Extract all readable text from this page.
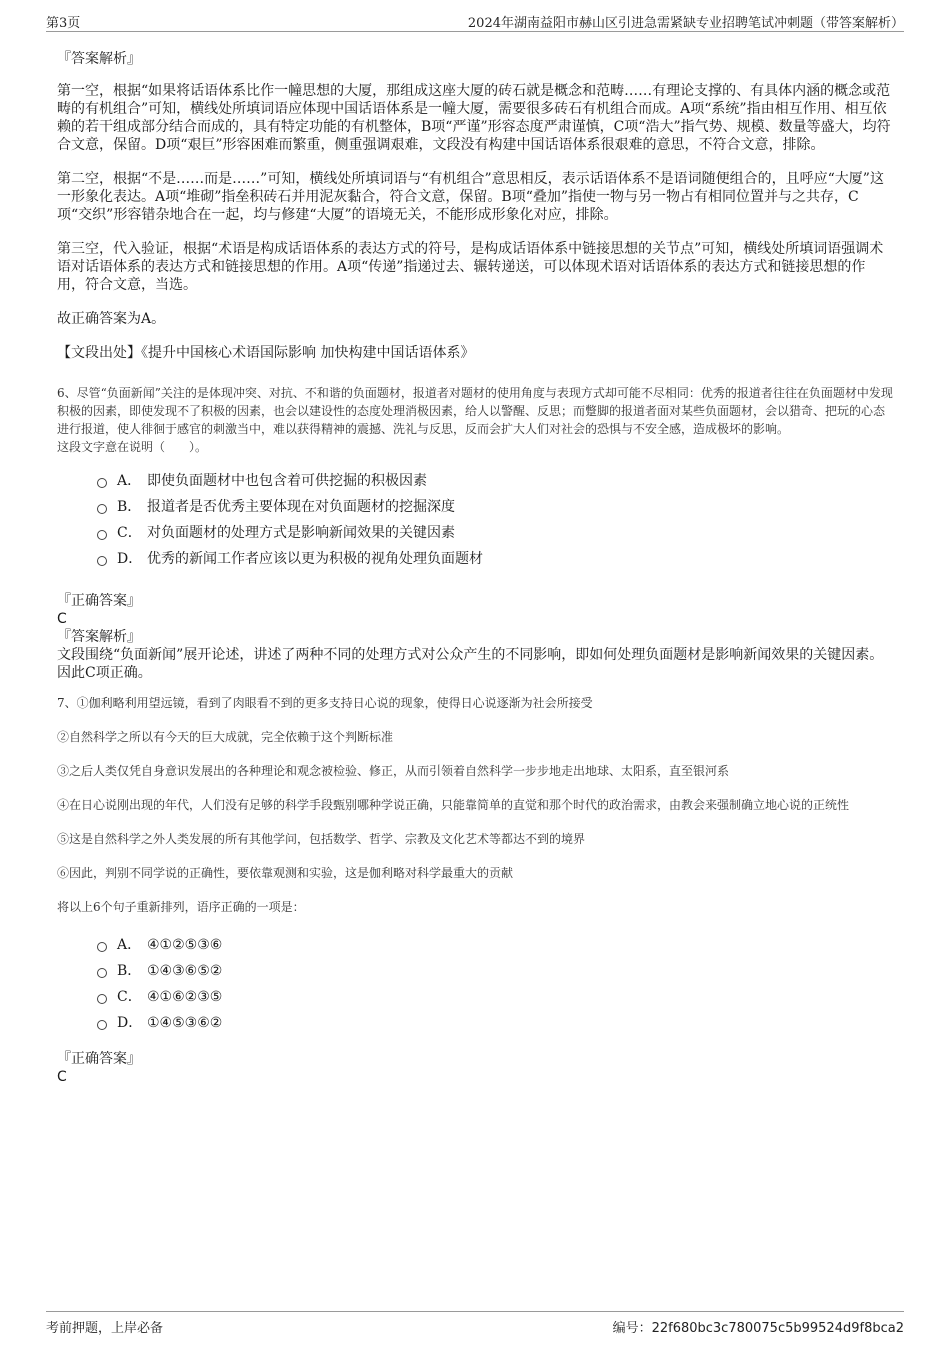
第3页	2024年湖南益阳市赫山区引进急需紧缺专业招聘笔试冲刺题（带答案解析）

『答案解析』

第一空，根据“如果将话语体系比作一幢思想的大厦，那组成这座大厦的砖石就是概念和范畴……有理论支撑的、有具体内涵的概念或范畴的有机组合”可知，横线处所填词语应体现中国话语体系是一幢大厦，需要很多砖石有机组合而成。A项“系统”指由相互作用、相互依赖的若干组成部分结合而成的，具有特定功能的有机整体，B项“严谨”形容态度严肃谨慎，C项“浩大”指气势、规模、数量等盛大，均符合文意，保留。D项“艰巨”形容困难而繁重，侧重强调艰难，文段没有构建中国话语体系很艰难的意思，不符合文意，排除。

第二空，根据“不是……而是……”可知，横线处所填词语与“有机组合”意思相反，表示话语体系不是语词随便组合的，且呼应“大厦”这一形象化表达。A项“堆砌”指垒积砖石并用泥灰黏合，符合文意，保留。B项“叠加”指使一物与另一物占有相同位置并与之共存，C项“交织”形容错杂地合在一起，均与修建“大厦”的语境无关，不能形成形象化对应，排除。

第三空，代入验证，根据“术语是构成话语体系的表达方式的符号，是构成话语体系中链接思想的关节点”可知，横线处所填词语强调术语对话语体系的表达方式和链接思想的作用。A项“传递”指递过去、辗转递送，可以体现术语对话语体系的表达方式和链接思想的作用，符合文意，当选。

故正确答案为A。

【文段出处】《提升中国核心术语国际影响 加快构建中国话语体系》

6、尽管“负面新闻”关注的是体现冲突、对抗、不和谐的负面题材，报道者对题材的使用角度与表现方式却可能不尽相同：优秀的报道者往往在负面题材中发现积极的因素，即使发现不了积极的因素，也会以建设性的态度处理消极因素，给人以警醒、反思；而蹩脚的报道者面对某些负面题材，会以猎奇、把玩的心态进行报道，使人徘徊于感官的刺激当中，难以获得精神的震撼、洗礼与反思，反而会扩大人们对社会的恐惧与不安全感，造成极坏的影响。

这段文字意在说明（　　）。

A． 即使负面题材中也包含着可供挖掘的积极因素
B． 报道者是否优秀主要体现在对负面题材的挖掘深度
C． 对负面题材的处理方式是影响新闻效果的关键因素
D． 优秀的新闻工作者应该以更为积极的视角处理负面题材

『正确答案』

C

『答案解析』

文段围绕“负面新闻”展开论述，讲述了两种不同的处理方式对公众产生的不同影响，即如何处理负面题材是影响新闻效果的关键因素。因此C项正确。

7、①伽利略利用望远镜，看到了肉眼看不到的更多支持日心说的现象，使得日心说逐渐为社会所接受

②自然科学之所以有今天的巨大成就，完全依赖于这个判断标准

③之后人类仅凭自身意识发展出的各种理论和观念被检验、修正，从而引领着自然科学一步步地走出地球、太阳系，直至银河系

④在日心说刚出现的年代，人们没有足够的科学手段甄别哪种学说正确，只能靠简单的直觉和那个时代的政治需求，由教会来强制确立地心说的正统性

⑤这是自然科学之外人类发展的所有其他学问，包括数学、哲学、宗教及文化艺术等都达不到的境界

⑥因此，判别不同学说的正确性，要依靠观测和实验，这是伽利略对科学最重大的贡献

将以上6个句子重新排列，语序正确的一项是：

A． ④①②⑤③⑥
B． ①④③⑥⑤②
C． ④①⑥②③⑤
D． ①④⑤③⑥②

『正确答案』

C

考前押题，上岸必备	编号：22f680bc3c780075c5b99524d9f8bca2
